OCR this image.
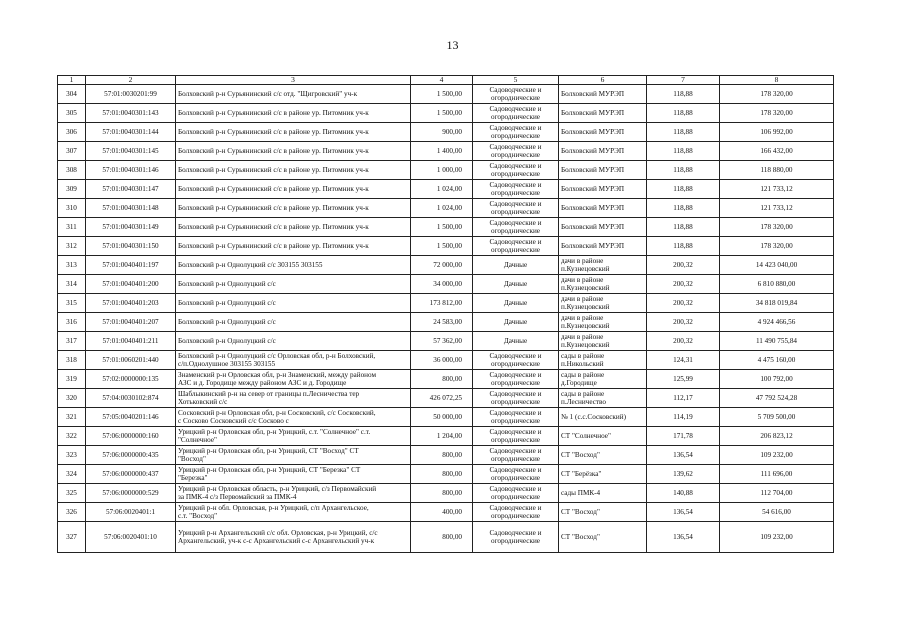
13
1	2	3	4	5	6	7	8
304	57:01:0030201:99	Болховский р-н Сурьянинский с/с отд. "Щигровский" уч-к	1 500,00	Садоводческие и
огороднические	Болховский МУРЭП	118,88	178 320,00
305	57:01:0040301:143	Болховский р-н Сурьянинский с/с в районе ур. Питомник уч-к	1 500,00	Садоводческие и
огороднические	Болховский МУРЭП	118,88	178 320,00
306	57:01:0040301:144	Болховский р-н Сурьянинский с/с в районе ур. Питомник уч-к	900,00	Садоводческие и
огороднические	Болховский МУРЭП	118,88	106 992,00
307	57:01:0040301:145	Болховский р-н Сурьянинский с/с в районе ур. Питомник уч-к	1 400,00	Садоводческие и
огороднические	Болховский МУРЭП	118,88	166 432,00
308	57:01:0040301:146	Болховский р-н Сурьянинский с/с в районе ур. Питомник уч-к	1 000,00	Садоводческие и
огороднические	Болховский МУРЭП	118,88	118 880,00
309	57:01:0040301:147	Болховский р-н Сурьянинский с/с в районе ур. Питомник уч-к	1 024,00	Садоводческие и
огороднические	Болховский МУРЭП	118,88	121 733,12
310	57:01:0040301:148	Болховский р-н Сурьянинский с/с в районе ур. Питомник уч-к	1 024,00	Садоводческие и
огороднические	Болховский МУРЭП	118,88	121 733,12
311	57:01:0040301:149	Болховский р-н Сурьянинский с/с в районе ур. Питомник уч-к	1 500,00	Садоводческие и
огороднические	Болховский МУРЭП	118,88	178 320,00
312	57:01:0040301:150	Болховский р-н Сурьянинский с/с в районе ур. Питомник уч-к	1 500,00	Садоводческие и
огороднические	Болховский МУРЭП	118,88	178 320,00
313	57:01:0040401:197	Болховский р-н Однолуцкий с/с 303155 303155	72 000,00	Дачные	дачи в районе
п.Кузнецовский	200,32	14 423 040,00
314	57:01:0040401:200	Болховский р-н Однолуцкий с/с	34 000,00	Дачные	дачи в районе
п.Кузнецовский	200,32	6 810 880,00
315	57:01:0040401:203	Болховский р-н Однолуцкий с/с	173 812,00	Дачные	дачи в районе
п.Кузнецовский	200,32	34 818 019,84
316	57:01:0040401:207	Болховский р-н Однолуцкий с/с	24 583,00	Дачные	дачи в районе
п.Кузнецовский	200,32	4 924 466,56
317	57:01:0040401:211	Болховский р-н Однолуцкий с/с	57 362,00	Дачные	дачи в районе
п.Кузнецовский	200,32	11 490 755,84
318	57:01:0060201:440	Болховский р-н Однолуцкий с/с Орловская обл, р-н Болховский,
с/п.Однолушное 303155 303155	36 000,00	Садоводческие и
огороднические	сады в районе
п.Никольский	124,31	4 475 160,00
319	57:02:0000000:135	Знаменский р-н Орловская обл, р-н Знаменский, между районом
АЗС и д. Городище между районом АЗС и д. Городище	800,00	Садоводческие и
огороднические	сады в районе
д.Городище	125,99	100 792,00
320	57:04:0030102:874	Шаблыкинский р-н на север от границы п.Лесничества тер
Хотьковский с/с	426 072,25	Садоводческие и
огороднические	сады в районе
п.Лесничество	112,17	47 792 524,28
321	57:05:0040201:146	Сосковский р-н Орловская обл, р-н Сосковский, с/с Сосковский,
с Сосково Сосковский с/с Сосково с	50 000,00	Садоводческие и
огороднические	№ 1 (с.с.Сосковский)	114,19	5 709 500,00
322	57:06:0000000:160	Урицкий р-н Орловская обл, р-н Урицкий, с.т. "Солнечное" с.т.
"Солнечное"	1 204,00	Садоводческие и
огороднические	СТ "Солнечное"	171,78	206 823,12
323	57:06:0000000:435	Урицкий р-н Орловская обл, р-н Урицкий, СТ "Восход" СТ
"Восход"	800,00	Садоводческие и
огороднические	СТ "Восход"	136,54	109 232,00
324	57:06:0000000:437	Урицкий р-н Орловская обл, р-н Урицкий, СТ "Березка" СТ
"Березка"	800,00	Садоводческие и
огороднические	СТ "Берёзка"	139,62	111 696,00
325	57:06:0000000:529	Урицкий р-н Орловская область, р-н Урицкий, с/з Первомайский
за ПМК-4 с/з Первомайский за ПМК-4	800,00	Садоводческие и
огороднические	сады ПМК-4	140,88	112 704,00
326	57:06:0020401:1	Урицкий р-н обл. Орловская, р-н Урицкий, с/п Архангельское,
с.т. "Восход"	400,00	Садоводческие и
огороднические	СТ "Восход"	136,54	54 616,00
327	57:06:0020401:10	Урицкий р-н Архангельский с/с обл. Орловская, р-н Урицкий, с/с
Архангельский, уч-к с-с Архангельский с-с Архангельский уч-к	800,00	Садоводческие и
огороднические	СТ "Восход"	136,54	109 232,00
